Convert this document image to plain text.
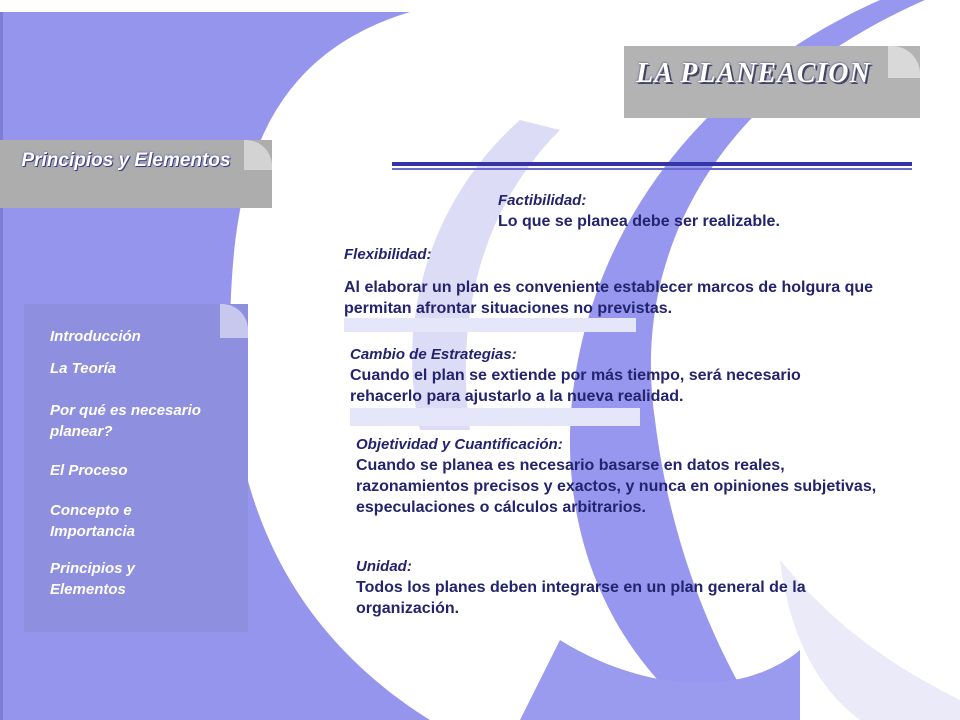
LA PLANEACION
Principios y Elementos
Introducción
La Teoría
Por qué es necesario planear?
El Proceso
Concepto e Importancia
Principios y Elementos
Factibilidad:
Lo que se planea debe ser realizable.
Flexibilidad:
Al elaborar un plan es conveniente establecer marcos de holgura que permitan afrontar situaciones no previstas.
Cambio de Estrategias:
Cuando el plan se extiende por más tiempo, será necesario rehacerlo para ajustarlo a la nueva realidad.
Objetividad y Cuantificación:
Cuando se planea es necesario basarse en datos reales, razonamientos precisos y exactos, y nunca en opiniones subjetivas, especulaciones o cálculos arbitrarios.
Unidad:
Todos los planes deben integrarse en un plan general de la organización.
